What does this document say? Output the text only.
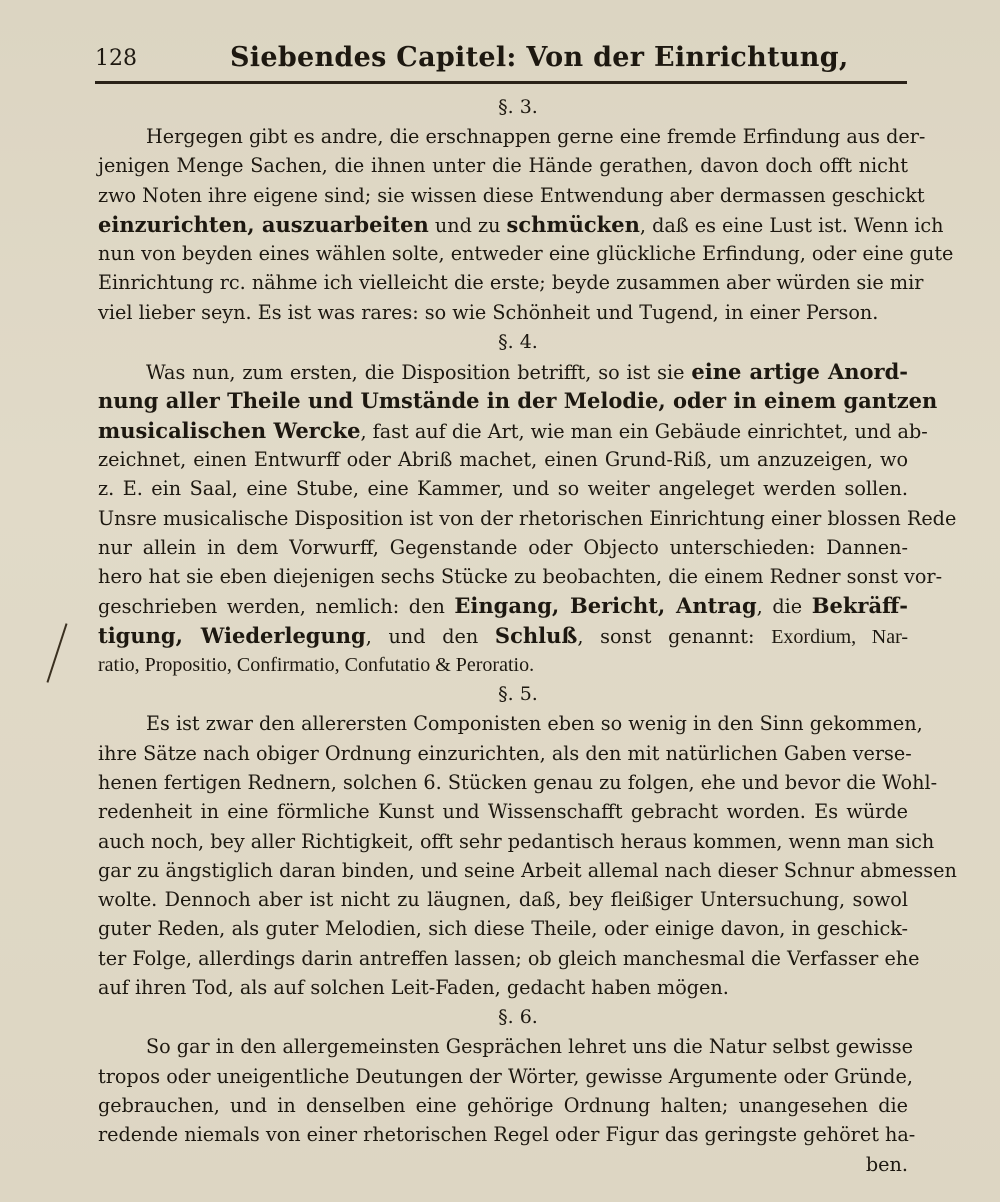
128	Siebendes Capitel: Von der Einrichtung,
§. 3.
Hergegen gibt es andre, die erschnappen gerne eine fremde Erfindung aus der-
jenigen Menge Sachen, die ihnen unter die Hände gerathen, davon doch offt nicht
zwo Noten ihre eigene sind; sie wissen diese Entwendung aber dermassen geschickt
einzurichten, auszuarbeiten und zu schmücken, daß es eine Lust ist. Wenn ich
nun von beyden eines wählen solte, entweder eine glückliche Erfindung, oder eine gute
Einrichtung rc. nähme ich vielleicht die erste; beyde zusammen aber würden sie mir
viel lieber seyn. Es ist was rares: so wie Schönheit und Tugend, in einer Person.
§. 4.
Was nun, zum ersten, die Disposition betrifft, so ist sie eine artige Anord-
nung aller Theile und Umstände in der Melodie, oder in einem gantzen
musicalischen Wercke, fast auf die Art, wie man ein Gebäude einrichtet, und ab-
zeichnet, einen Entwurff oder Abriß machet, einen Grund-Riß, um anzuzeigen, wo
z. E. ein Saal, eine Stube, eine Kammer, und so weiter angeleget werden sollen.
Unsre musicalische Disposition ist von der rhetorischen Einrichtung einer blossen Rede
nur allein in dem Vorwurff, Gegenstande oder Objecto unterschieden: Dannen-
hero hat sie eben diejenigen sechs Stücke zu beobachten, die einem Redner sonst vor-
geschrieben werden, nemlich: den Eingang, Bericht, Antrag, die Bekräff-
tigung, Wiederlegung, und den Schluß, sonst genannt: Exordium, Nar-
ratio, Propositio, Confirmatio, Confutatio & Peroratio.
§. 5.
Es ist zwar den allerersten Componisten eben so wenig in den Sinn gekommen,
ihre Sätze nach obiger Ordnung einzurichten, als den mit natürlichen Gaben verse-
henen fertigen Rednern, solchen 6. Stücken genau zu folgen, ehe und bevor die Wohl-
redenheit in eine förmliche Kunst und Wissenschafft gebracht worden. Es würde
auch noch, bey aller Richtigkeit, offt sehr pedantisch heraus kommen, wenn man sich
gar zu ängstiglich daran binden, und seine Arbeit allemal nach dieser Schnur abmessen
wolte. Dennoch aber ist nicht zu läugnen, daß, bey fleißiger Untersuchung, sowol
guter Reden, als guter Melodien, sich diese Theile, oder einige davon, in geschick-
ter Folge, allerdings darin antreffen lassen; ob gleich manchesmal die Verfasser ehe
auf ihren Tod, als auf solchen Leit-Faden, gedacht haben mögen.
§. 6.
So gar in den allergemeinsten Gesprächen lehret uns die Natur selbst gewisse
tropos oder uneigentliche Deutungen der Wörter, gewisse Argumente oder Gründe,
gebrauchen, und in denselben eine gehörige Ordnung halten; unangesehen die
redende niemals von einer rhetorischen Regel oder Figur das geringste gehöret ha-
ben.
